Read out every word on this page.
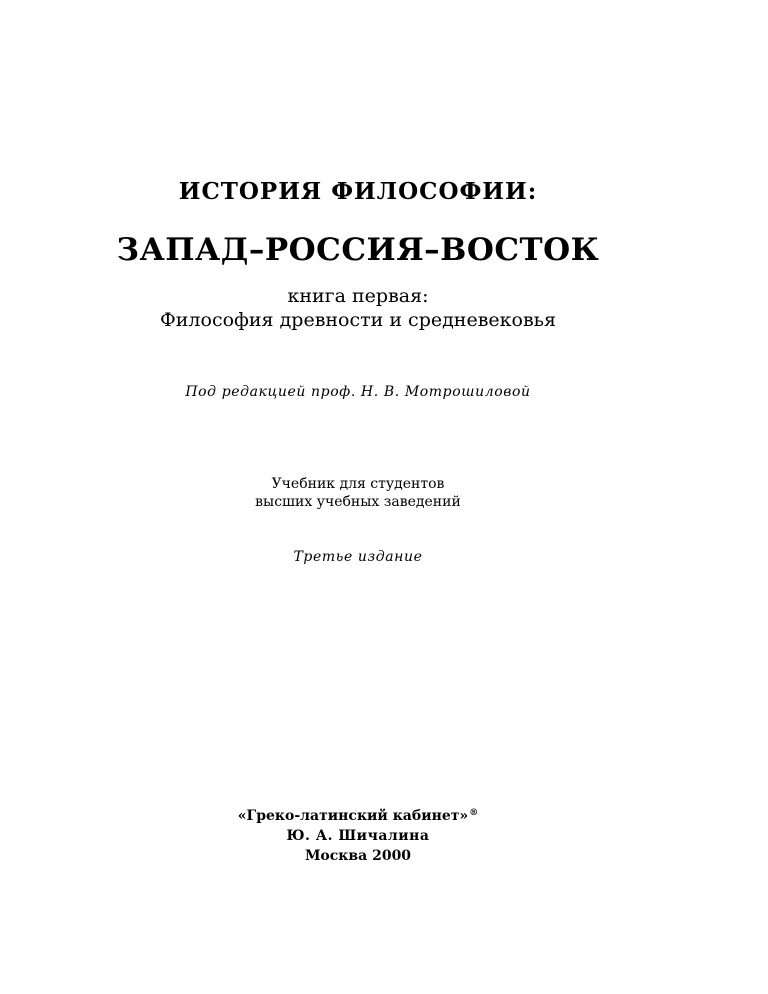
ИСТОРИЯ ФИЛОСОФИИ:
ЗАПАД–РОССИЯ–ВОСТОК
книга первая:
Философия древности и средневековья
Под редакцией проф. Н. В. Мотрошиловой
Учебник для студентов
высших учебных заведений
Третье издание
«Греко-латинский кабинет»®
Ю. А. Шичалина
Москва 2000
